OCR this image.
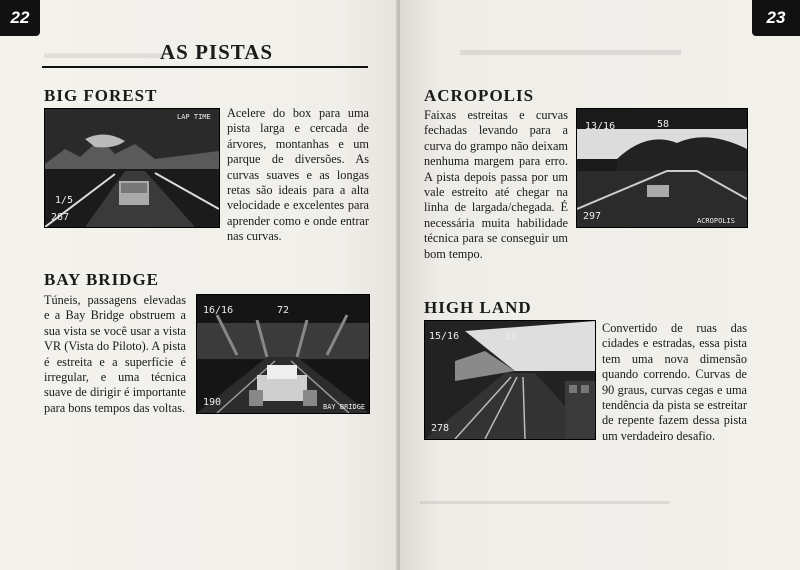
22
▬▬▬▬▬▬▬▬
AS PISTAS
BIG FOREST
LAP TIME
1/5
267

Acelere do box para uma pista larga e cercada de árvores, montanhas e um parque de diversões. As curvas suaves e as longas retas são ideais para a alta velocidade e excelentes para aprender como e onde entrar nas curvas.

BAY BRIDGE

Túneis, passagens elevadas e a Bay Bridge obstruem a sua vista se você usar a vista VR (Vista do Piloto). A pista é estreita e a superfície é irregular, e uma técnica suave de dirigir é importante para bons tempos das voltas.

16/16	72
190	BAY BRIDGE
▬▬▬▬▬▬▬▬▬▬▬▬▬
▬▬▬▬▬▬▬▬▬▬▬▬▬▬▬▬▬▬▬▬▬▬▬▬▬
ACROPOLIS

Faixas estreitas e curvas fechadas levando para a curva do grampo não deixam nenhuma margem para erro. A pista depois passa por um vale estreito até chegar na linha de largada/chegada. É necessária muita habilidade técnica para se conseguir um bom tempo.

13/16	58
297	ACROPOLIS
HIGH LAND
15/16	59
278

Convertido de ruas das cidades e estradas, essa pista tem uma nova dimensão quando correndo. Curvas de 90 graus, curvas cegas e uma tendência da pista se estreitar de repente fazem dessa pista um verdadeiro desafio.

23
